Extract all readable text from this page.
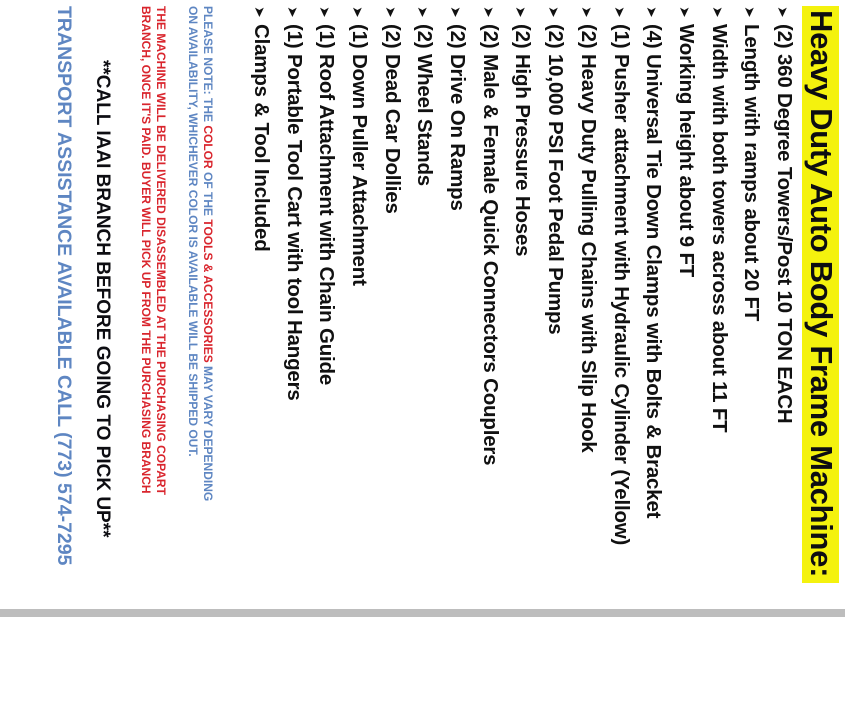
Heavy Duty Auto Body Frame Machine:
➤(2) 360 Degree Towers/Post 10 TON EACH
➤Length with ramps about 20 FT
➤Width with both towers across about 11 FT
➤Working height about 9 FT
➤(4) Universal Tie Down Clamps with Bolts & Bracket
➤(1) Pusher attachment with Hydraulic Cylinder (Yellow)
➤(2) Heavy Duty Pulling Chains with Slip Hook
➤(2) 10,000 PSI Foot Pedal Pumps
➤(2) High Pressure Hoses
➤(2) Male & Female Quick Connectors Couplers
➤(2) Drive On Ramps
➤(2) Wheel Stands
➤(2) Dead Car Dollies
➤(1) Down Puller Attachment
➤(1) Roof Attachment with Chain Guide
➤(1) Portable Tool Cart with tool Hangers
➤Clamps & Tool Included
PLEASE NOTE: THE COLOR OF THE TOOLS & ACCESSORIES MAY VARY DEPENDING
ON AVAILABILITY, WHICHEVER COLOR IS AVAILABLE WILL BE SHIPPED OUT.
THE MACHINE WILL BE DELIVERED DISASSEMBLED AT THE PURCHASING COPART
BRANCH, ONCE IT'S PAID. BUYER WILL PICK UP FROM THE PURCHASING BRANCH
**CALL IAAI BRANCH BEFORE GOING TO PICK UP**
TRANSPORT ASSISTANCE AVAILABLE CALL (773) 574-7295
